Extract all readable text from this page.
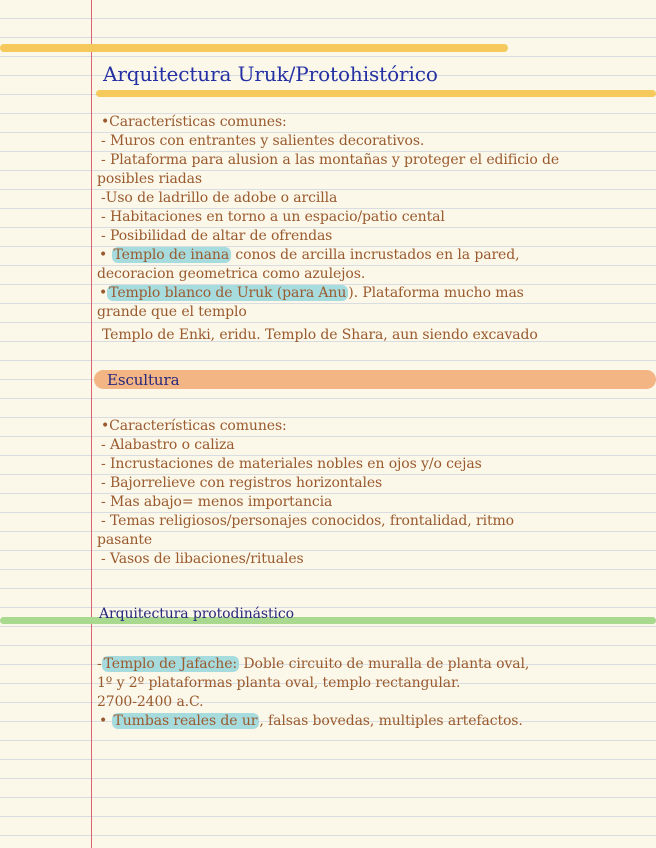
Arquitectura Uruk/Protohistórico

•Características comunes:

- Muros con entrantes y salientes decorativos.

- Plataforma para alusion a las montañas y proteger el edificio de

posibles riadas

-Uso de ladrillo de adobe o arcilla

- Habitaciones en torno a un espacio/patio cental

- Posibilidad de altar de ofrendas

• Templo de inana conos de arcilla incrustados en la pared,

decoracion geometrica como azulejos.

• Templo blanco de Uruk (para Anu ). Plataforma mucho mas

grande que el templo

Templo de Enki, eridu. Templo de Shara, aun siendo excavado

Escultura

•Características comunes:

- Alabastro o caliza

- Incrustaciones de materiales nobles en ojos y/o cejas

- Bajorrelieve con registros horizontales

- Mas abajo= menos importancia

- Temas religiosos/personajes conocidos, frontalidad, ritmo

pasante

- Vasos de libaciones/rituales

Arquitectura protodinástico

- Templo de Jafache: Doble circuito de muralla de planta oval,

1º y 2º plataformas planta oval, templo rectangular.

2700-2400 a.C.

• Tumbas reales de ur , falsas bovedas, multiples artefactos.
